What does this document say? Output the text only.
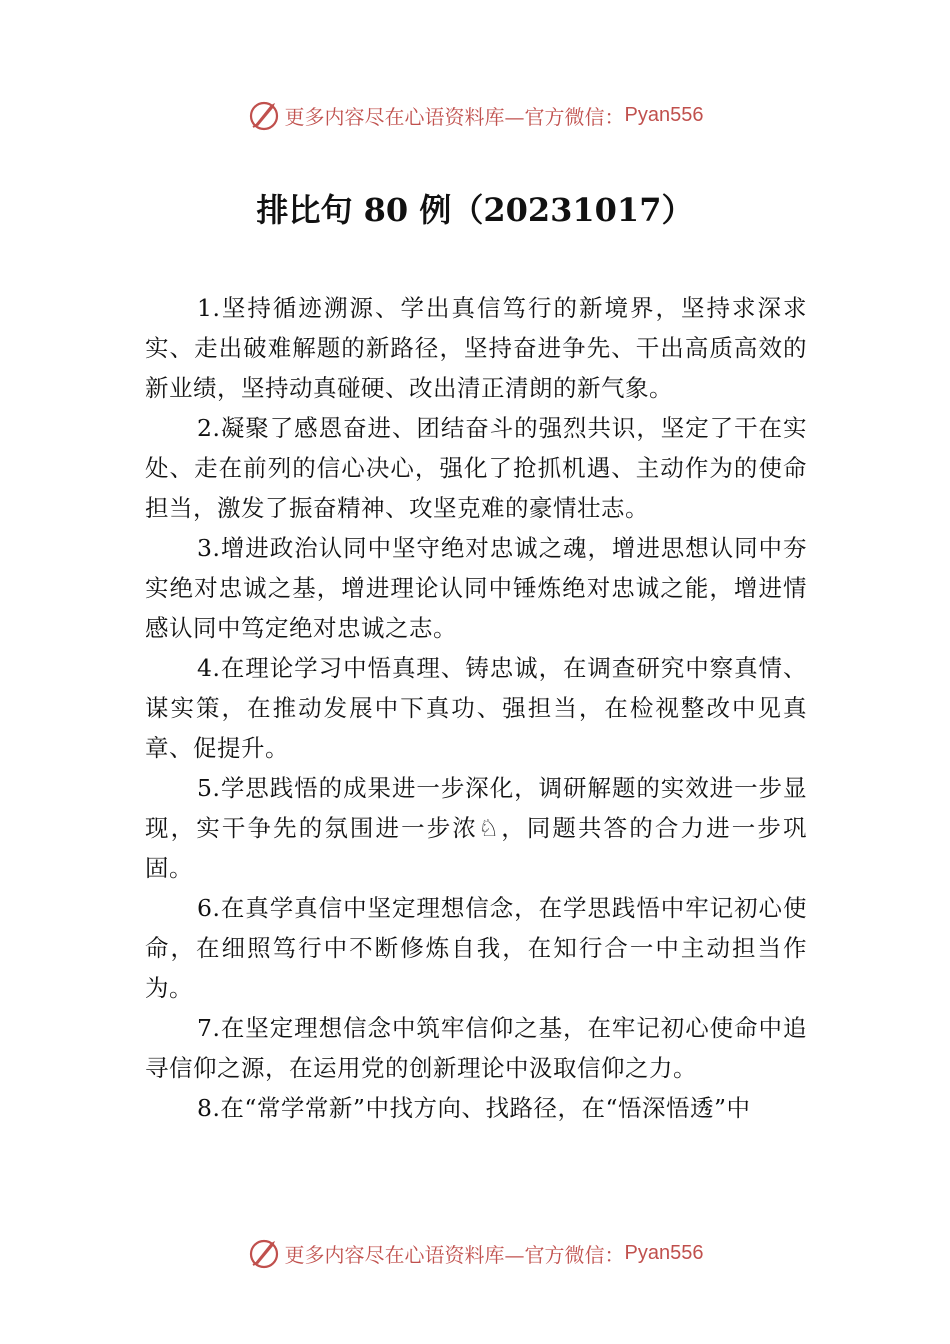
更多内容尽在心语资料库—官方微信： Pyan556
排比句 80 例（20231017）

1.坚持循迹溯源、学出真信笃行的新境界，坚持求深求实、走出破难解题的新路径，坚持奋进争先、干出高质高效的新业绩，坚持动真碰硬、改出清正清朗的新气象。

2.凝聚了感恩奋进、团结奋斗的强烈共识，坚定了干在实处、走在前列的信心决心，强化了抢抓机遇、主动作为的使命担当，激发了振奋精神、攻坚克难的豪情壮志。

3.增进政治认同中坚守绝对忠诚之魂，增进思想认同中夯实绝对忠诚之基，增进理论认同中锤炼绝对忠诚之能，增进情感认同中笃定绝对忠诚之志。

4.在理论学习中悟真理、铸忠诚，在调查研究中察真情、谋实策，在推动发展中下真功、强担当，在检视整改中见真章、促提升。

5.学思践悟的成果进一步深化，调研解题的实效进一步显现，实干争先的氛围进一步浓♘，同题共答的合力进一步巩固。

6.在真学真信中坚定理想信念，在学思践悟中牢记初心使命，在细照笃行中不断修炼自我，在知行合一中主动担当作为。

7.在坚定理想信念中筑牢信仰之基，在牢记初心使命中追寻信仰之源，在运用党的创新理论中汲取信仰之力。

8.在“常学常新”中找方向、找路径，在“悟深悟透”中

更多内容尽在心语资料库—官方微信： Pyan556
